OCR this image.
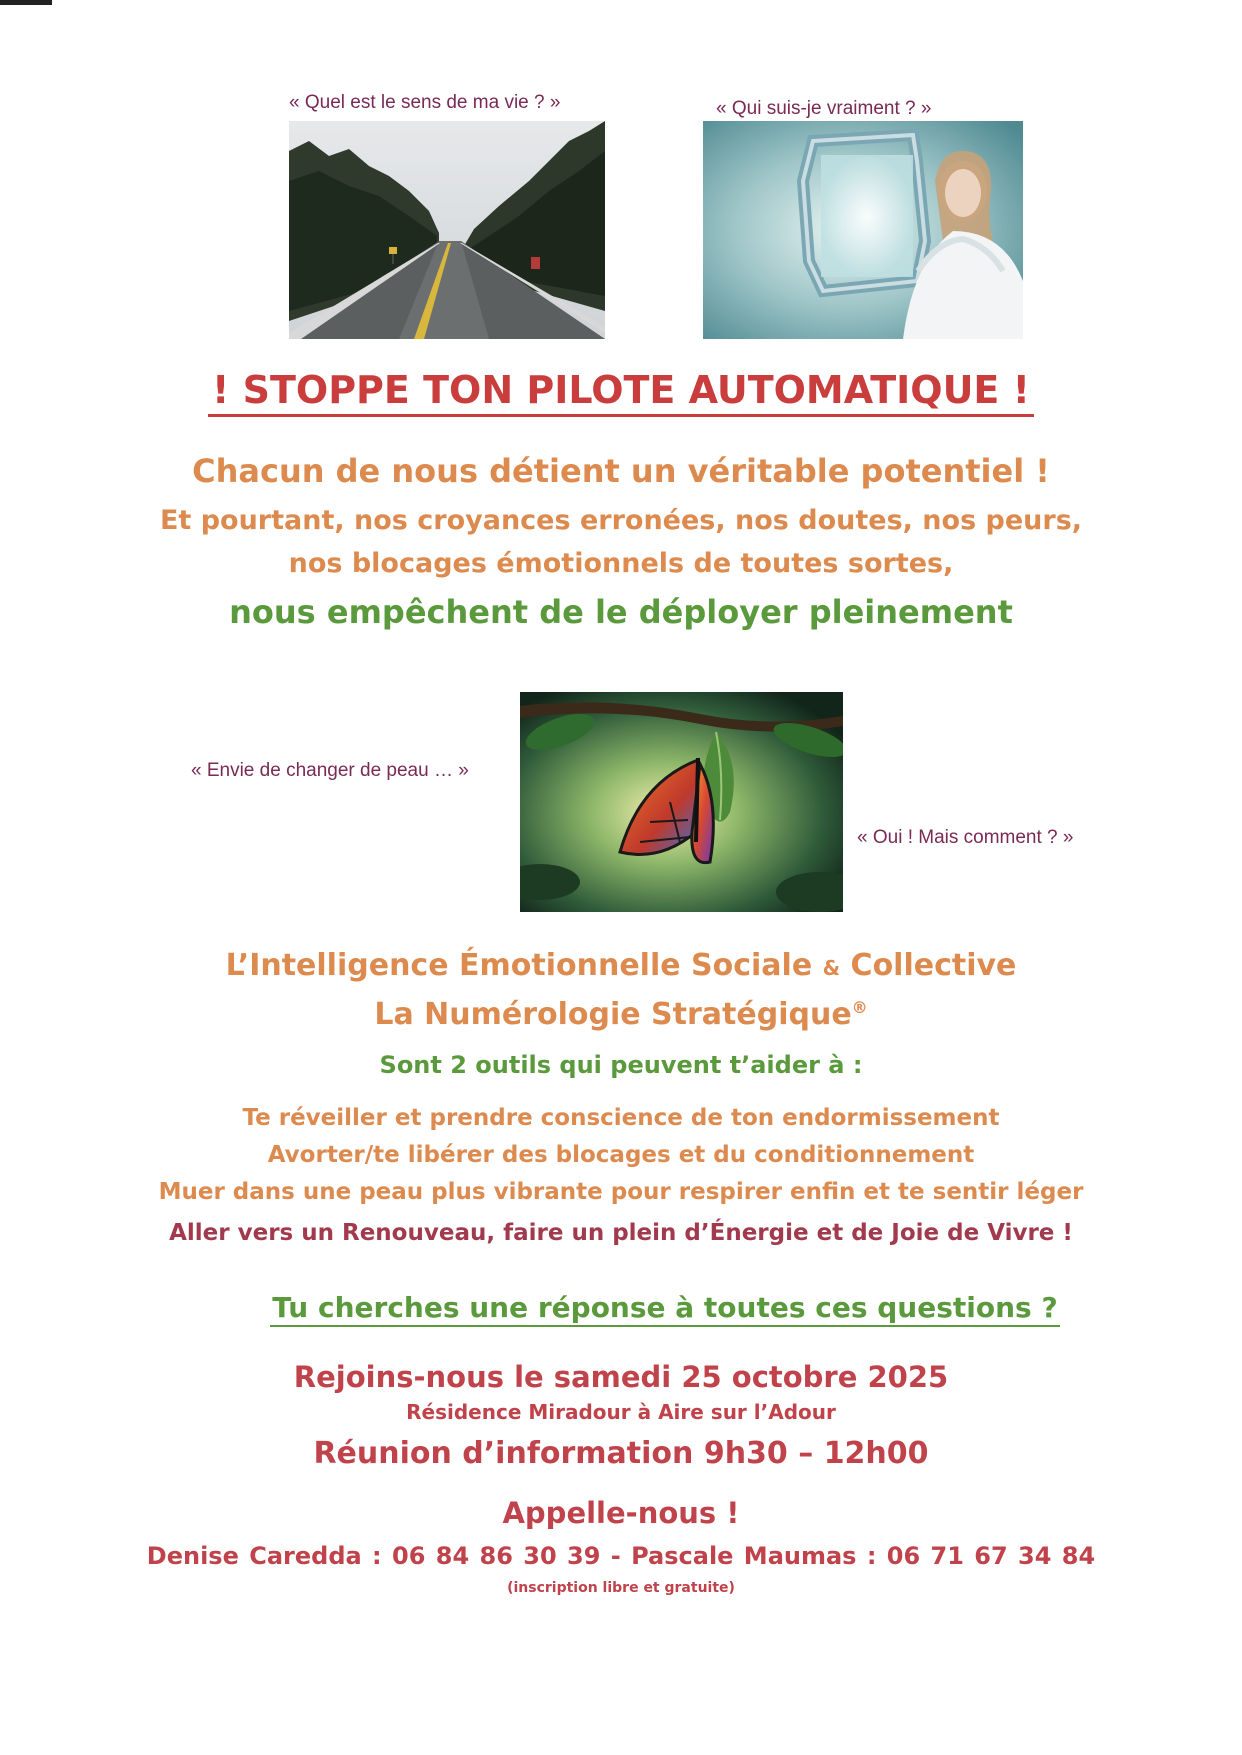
« Quel est le sens de ma vie ? »	« Qui suis-je vraiment ? »
! STOPPE TON PILOTE AUTOMATIQUE !
Chacun de nous détient un véritable potentiel !
Et pourtant, nos croyances erronées, nos doutes, nos peurs,
nos blocages émotionnels de toutes sortes,
nous empêchent de le déployer pleinement
« Envie de changer de peau … »
« Oui ! Mais comment ? »
L’Intelligence Émotionnelle Sociale & Collective
La Numérologie Stratégique®
Sont 2 outils qui peuvent t’aider à :
Te réveiller et prendre conscience de ton endormissement
Avorter/te libérer des blocages et du conditionnement
Muer dans une peau plus vibrante pour respirer enfin et te sentir léger
Aller vers un Renouveau, faire un plein d’Énergie et de Joie de Vivre !
Tu cherches une réponse à toutes ces questions ?
Rejoins-nous le samedi 25 octobre 2025
Résidence Miradour à Aire sur l’Adour
Réunion d’information 9h30 – 12h00
Appelle-nous !
Denise Caredda : 06 84 86 30 39 - Pascale Maumas : 06 71 67 34 84
(inscription libre et gratuite)
